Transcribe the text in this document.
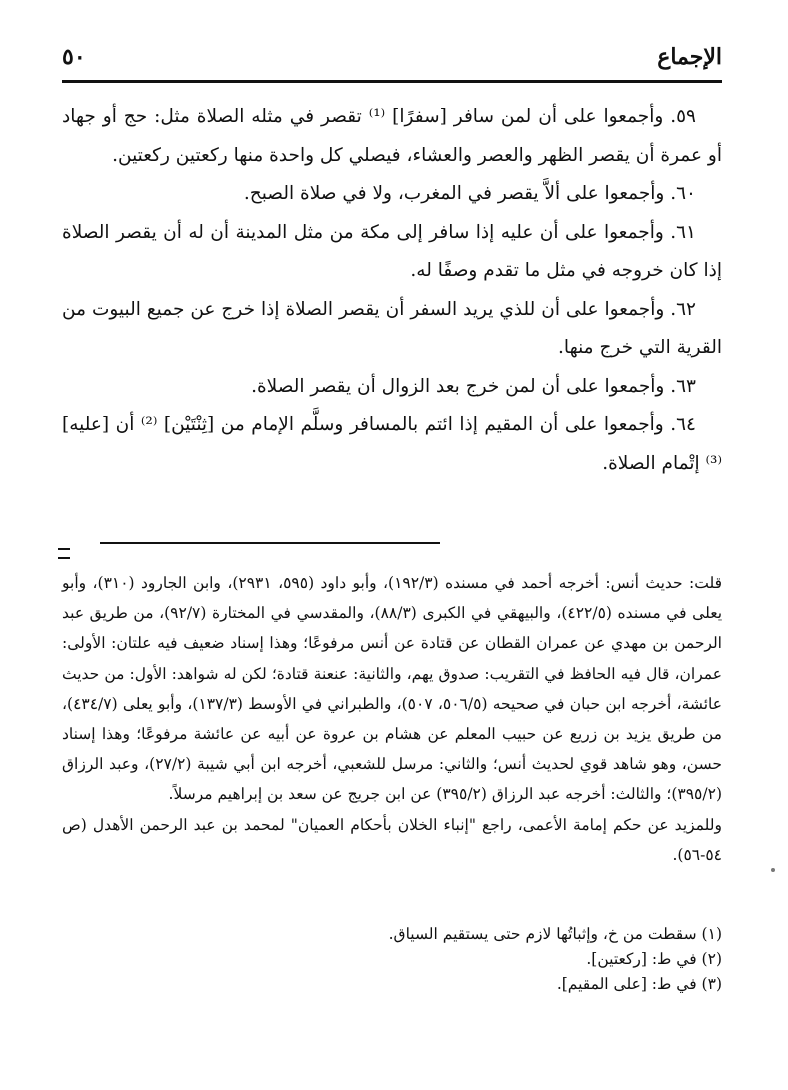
الإجماع
٥٠

٥٩. وأجمعوا على أن لمن سافر [سفرًا] ⁽¹⁾ تقصر في مثله الصلاة مثل: حج أو جهاد أو عمرة أن يقصر الظهر والعصر والعشاء، فيصلي كل واحدة منها ركعتين ركعتين.

٦٠. وأجمعوا على ألاَّ يقصر في المغرب، ولا في صلاة الصبح.

٦١. وأجمعوا على أن عليه إذا سافر إلى مكة من مثل المدينة أن له أن يقصر الصلاة إذا كان خروجه في مثل ما تقدم وصفًا له.

٦٢. وأجمعوا على أن للذي يريد السفر أن يقصر الصلاة إذا خرج عن جميع البيوت من القرية التي خرج منها.

٦٣. وأجمعوا على أن لمن خرج بعد الزوال أن يقصر الصلاة.

٦٤. وأجمعوا على أن المقيم إذا ائتم بالمسافر وسلَّم الإمام من [ثِنْتَيْن] ⁽²⁾ أن [عليه] ⁽³⁾ إتْمام الصلاة.

قلت: حديث أنس: أخرجه أحمد في مسنده (١٩٢/٣)، وأبو داود (٥٩٥، ٢٩٣١)، وابن الجارود (٣١٠)، وأبو يعلى في مسنده (٤٢٢/٥)، والبيهقي في الكبرى (٨٨/٣)، والمقدسي في المختارة (٩٢/٧)، من طريق عبد الرحمن بن مهدي عن عمران القطان عن قتادة عن أنس مرفوعًا؛ وهذا إسناد ضعيف فيه علتان: الأولى: عمران، قال فيه الحافظ في التقريب: صدوق يهم، والثانية: عنعنة قتادة؛ لكن له شواهد: الأول: من حديث عائشة، أخرجه ابن حبان في صحيحه (٥٠٦/٥، ٥٠٧)، والطبراني في الأوسط (١٣٧/٣)، وأبو يعلى (٤٣٤/٧)، من طريق يزيد بن زريع عن حبيب المعلم عن هشام بن عروة عن أبيه عن عائشة مرفوعًا؛ وهذا إسناد حسن، وهو شاهد قوي لحديث أنس؛ والثاني: مرسل للشعبي، أخرجه ابن أبي شيبة (٢٧/٢)، وعبد الرزاق (٣٩٥/٢)؛ والثالث: أخرجه عبد الرزاق (٣٩٥/٢) عن ابن جريج عن سعد بن إبراهيم مرسلاً.

وللمزيد عن حكم إمامة الأعمى، راجع "إنباء الخلان بأحكام العميان" لمحمد بن عبد الرحمن الأهدل (ص ٥٤-٥٦).

(١) سقطت من خ، وإثباتُها لازم حتى يستقيم السياق.

(٢) في ط: [ركعتين].

(٣) في ط: [على المقيم].
